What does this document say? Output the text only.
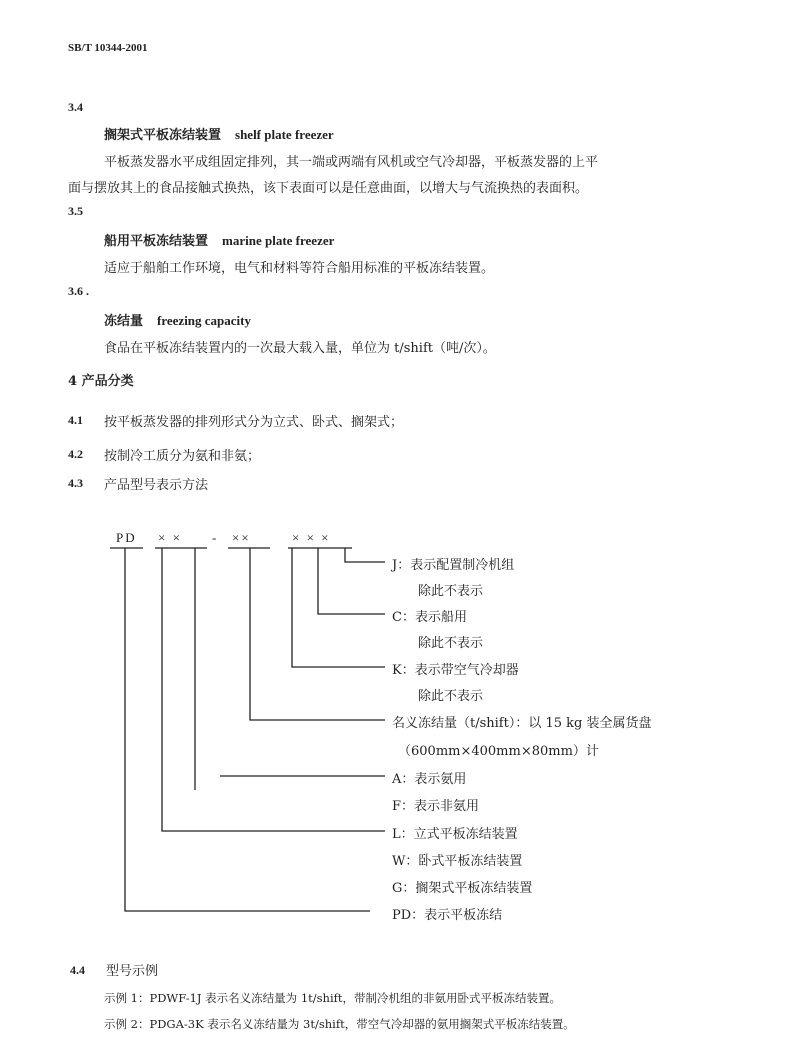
bzxz.net
SB/T 10344-2001
3.4
搁架式平板冻结装置 shelf plate freezer
平板蒸发器水平成组固定排列，其一端或两端有风机或空气冷却器，平板蒸发器的上平
面与摆放其上的食品接触式换热，该下表面可以是任意曲面，以增大与气流换热的表面积。
3.5
船用平板冻结装置 marine plate freezer
适应于船舶工作环境，电气和材料等符合船用标准的平板冻结装置。
3.6 .
冻结量 freezing capacity
食品在平板冻结装置内的一次最大载入量，单位为 t/shift（吨/次）。
4 产品分类
4.1 按平板蒸发器的排列形式分为立式、卧式、搁架式；
4.2 按制冷工质分为氨和非氨；
4.3 产品型号表示方法
PD × × - ××	× × ×
J：表示配置制冷机组
除此不表示
C：表示船用
除此不表示
K：表示带空气冷却器
除此不表示
名义冻结量（t/shift）：以 15 kg 装全属货盘
（600mm×400mm×80mm）计
A：表示氨用
F：表示非氨用
L：立式平板冻结装置
W：卧式平板冻结装置
G：搁架式平板冻结装置
PD：表示平板冻结
4.4 型号示例
示例 1：PDWF-1J 表示名义冻结量为 1t/shift，带制冷机组的非氨用卧式平板冻结装置。
示例 2：PDGA-3K 表示名义冻结量为 3t/shift，带空气冷却器的氨用搁架式平板冻结装置。
